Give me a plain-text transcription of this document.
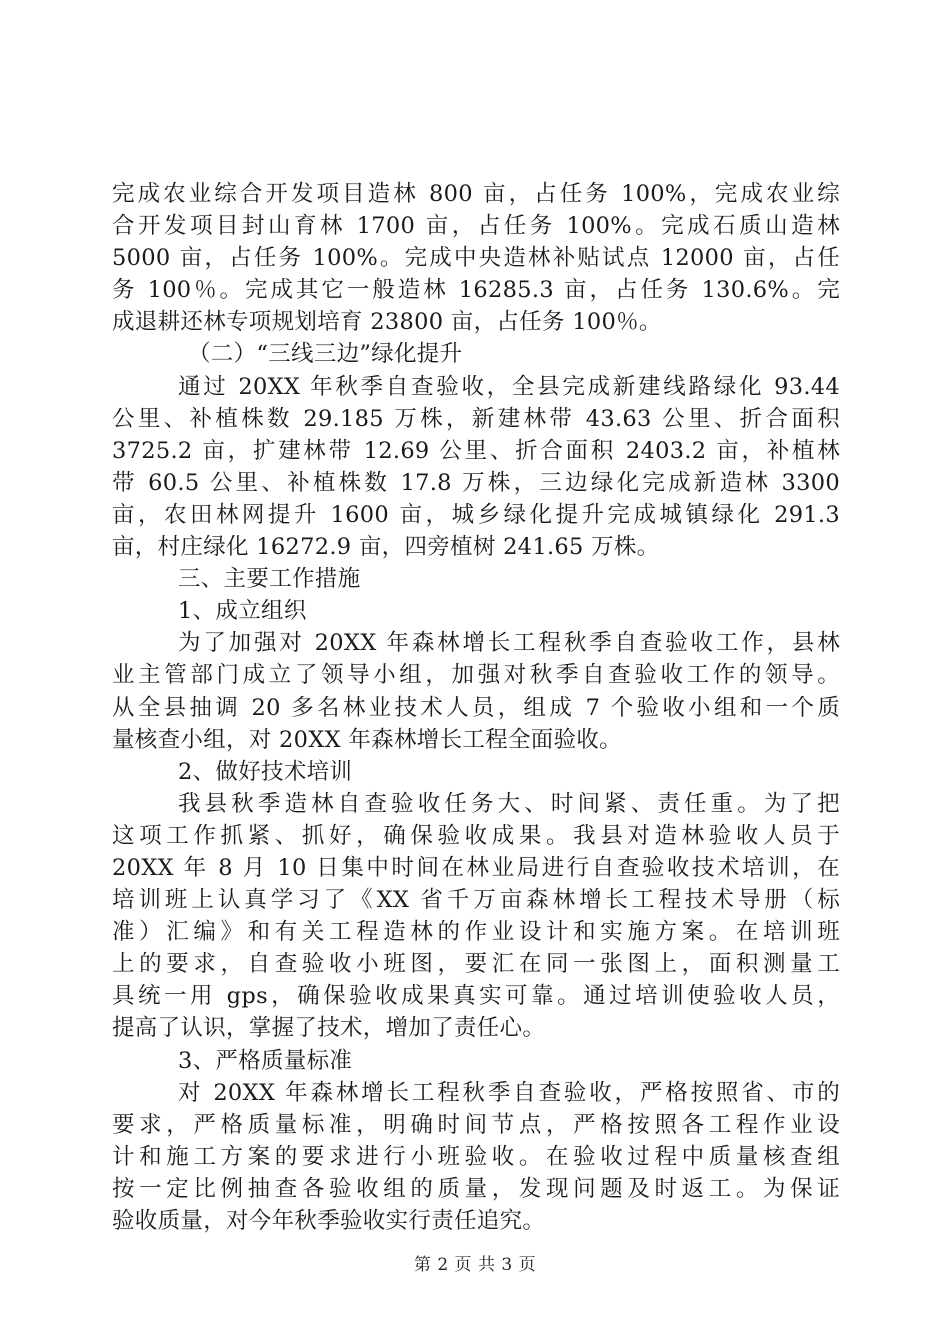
完成农业综合开发项目造林 800 亩，占任务 100%，完成农业综
合开发项目封山育林 1700 亩，占任务 100%。完成石质山造林
5000 亩，占任务 100%。完成中央造林补贴试点 12000 亩，占任
务 100％。完成其它一般造林 16285.3 亩，占任务 130.6%。完
成退耕还林专项规划培育 23800 亩，占任务 100％。
（二）“三线三边”绿化提升
通过 20XX 年秋季自查验收，全县完成新建线路绿化 93.44
公里、补植株数 29.185 万株，新建林带 43.63 公里、折合面积
3725.2 亩，扩建林带 12.69 公里、折合面积 2403.2 亩，补植林
带 60.5 公里、补植株数 17.8 万株，三边绿化完成新造林 3300
亩，农田林网提升 1600 亩，城乡绿化提升完成城镇绿化 291.3
亩，村庄绿化 16272.9 亩，四旁植树 241.65 万株。
三、主要工作措施
1、成立组织
为了加强对 20XX 年森林增长工程秋季自查验收工作，县林
业主管部门成立了领导小组，加强对秋季自查验收工作的领导。
从全县抽调 20 多名林业技术人员，组成 7 个验收小组和一个质
量核查小组，对 20XX 年森林增长工程全面验收。
2、做好技术培训
我县秋季造林自查验收任务大、时间紧、责任重。为了把
这项工作抓紧、抓好，确保验收成果。我县对造林验收人员于
20XX 年 8 月 10 日集中时间在林业局进行自查验收技术培训，在
培训班上认真学习了《XX 省千万亩森林增长工程技术导册（标
准）汇编》和有关工程造林的作业设计和实施方案。在培训班
上的要求，自查验收小班图，要汇在同一张图上，面积测量工
具统一用 gps，确保验收成果真实可靠。通过培训使验收人员，
提高了认识，掌握了技术，增加了责任心。
3、严格质量标准
对 20XX 年森林增长工程秋季自查验收，严格按照省、市的
要求，严格质量标准，明确时间节点，严格按照各工程作业设
计和施工方案的要求进行小班验收。在验收过程中质量核查组
按一定比例抽查各验收组的质量，发现问题及时返工。为保证
验收质量，对今年秋季验收实行责任追究。
第 2 页 共 3 页
